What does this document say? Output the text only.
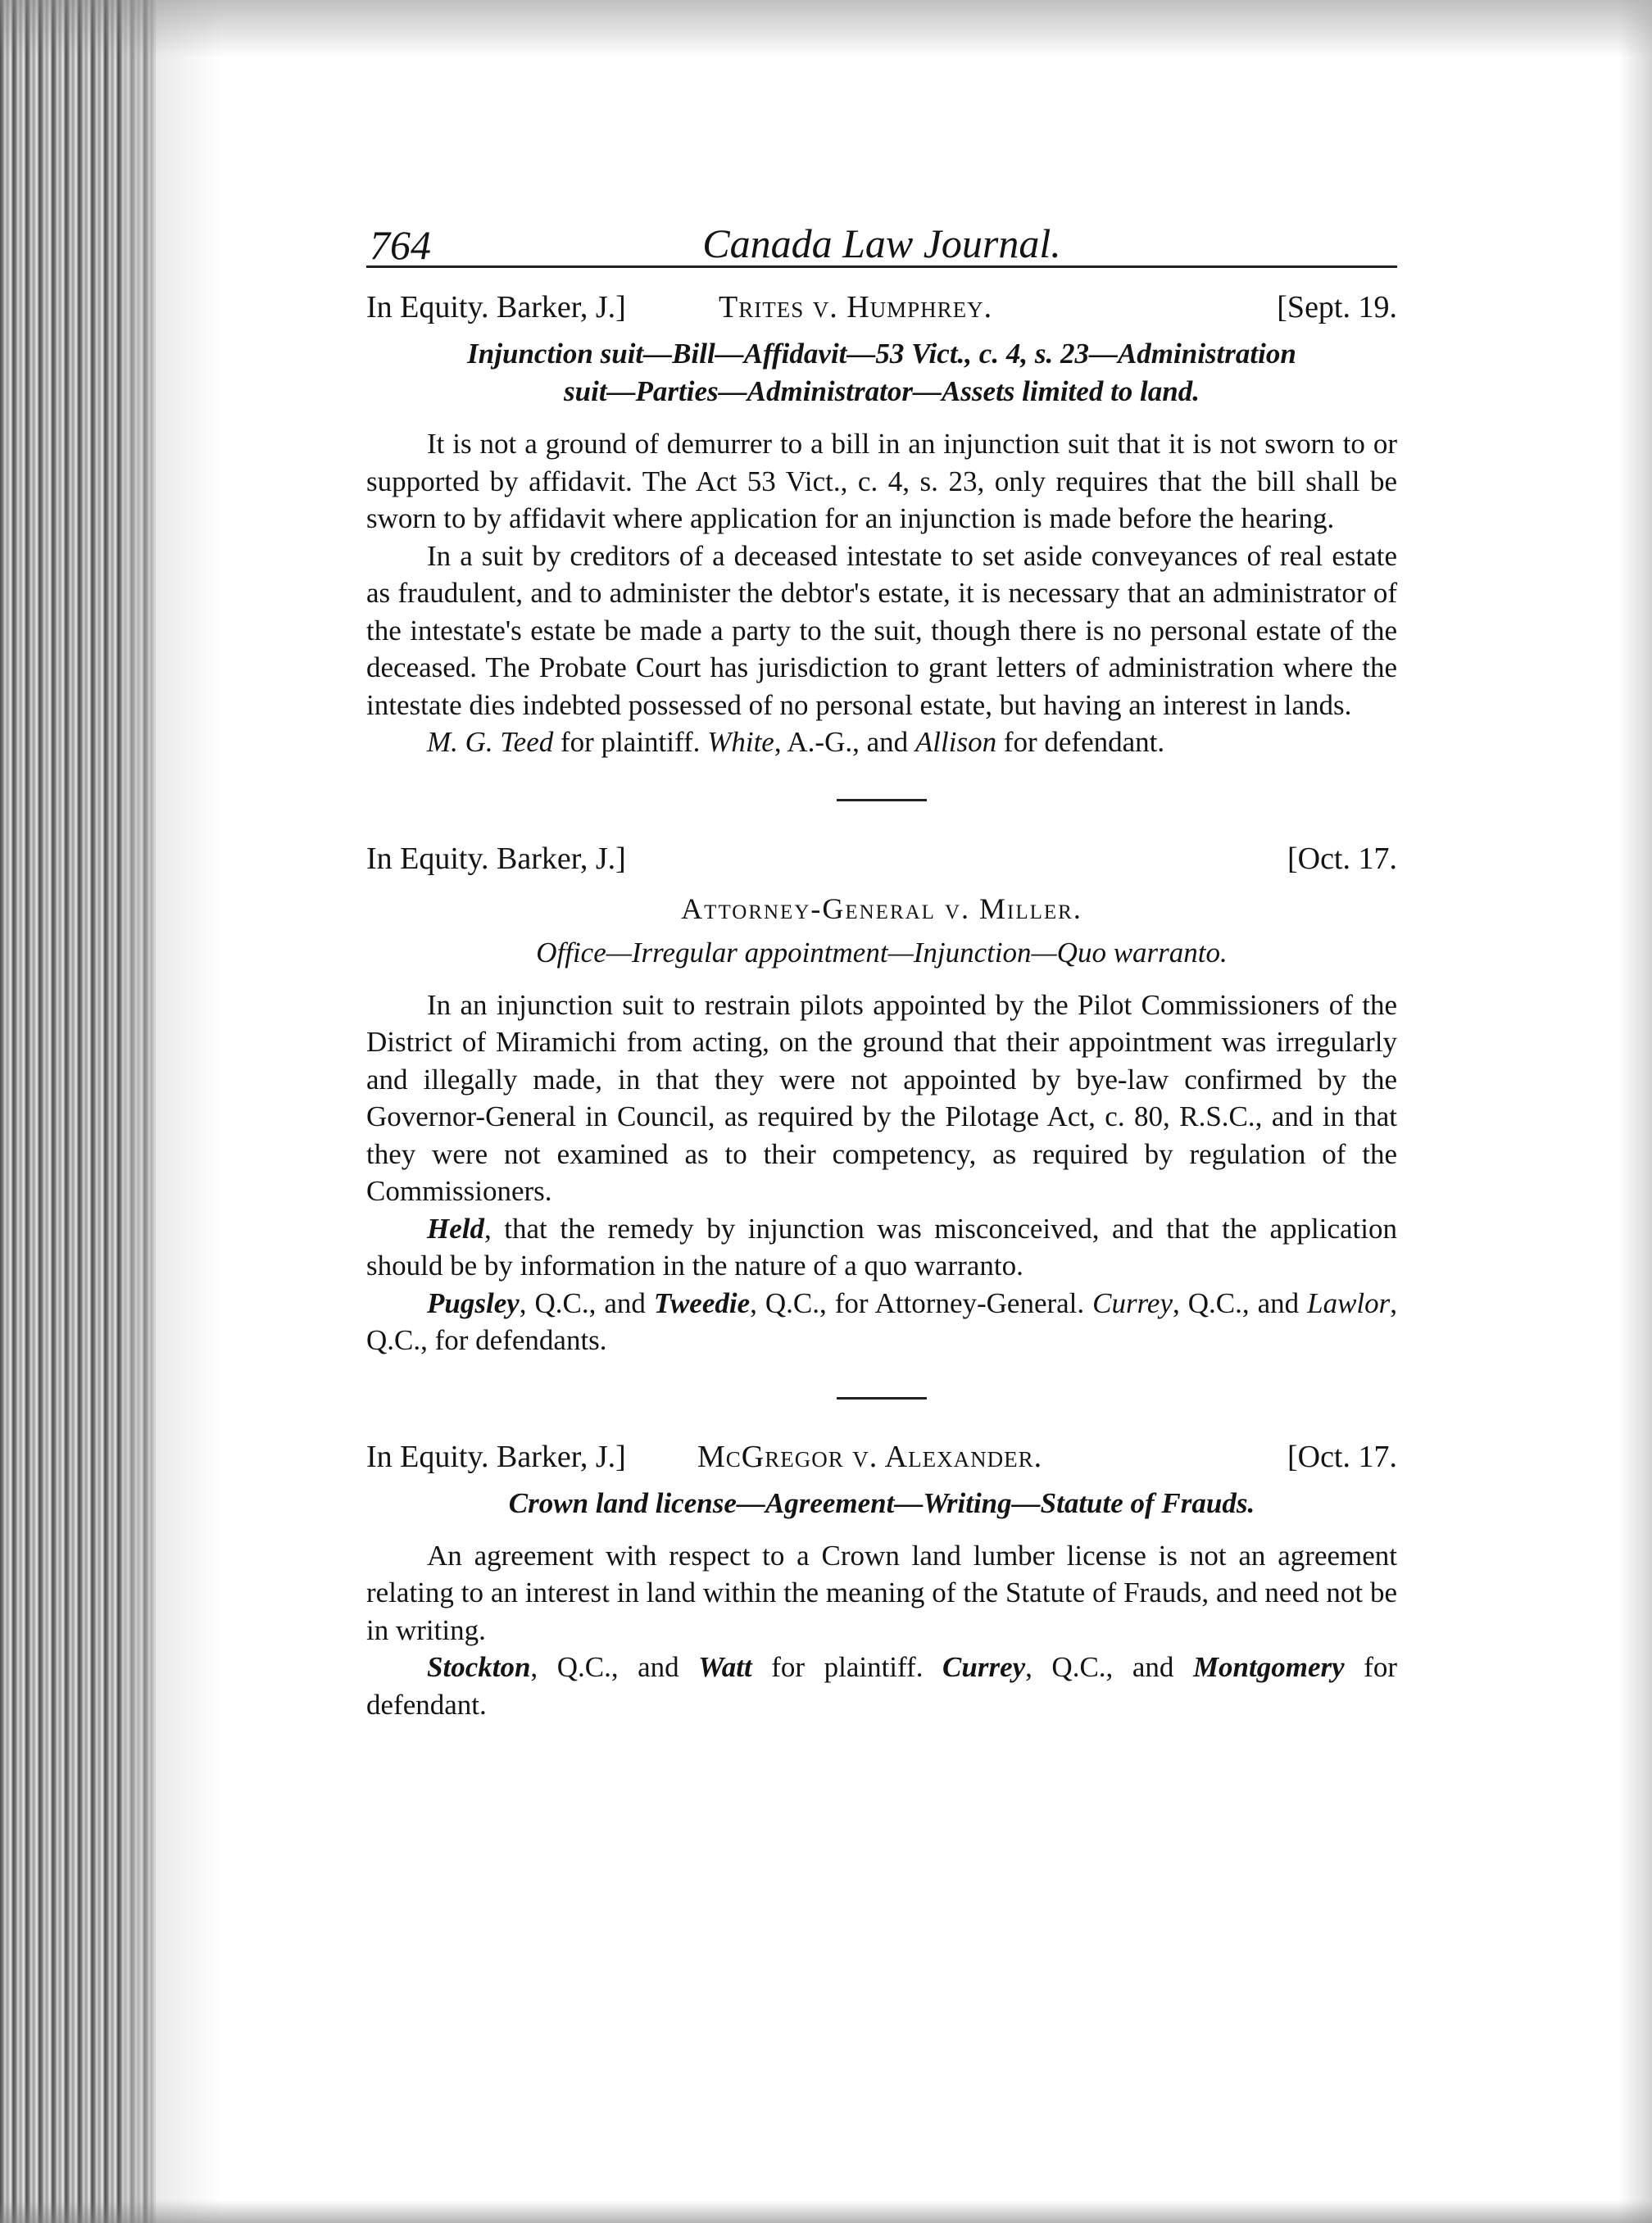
764	Canada Law Journal.
In Equity. Barker, J.]	Trites v. Humphrey.	[Sept. 19.
Injunction suit—Bill—Affidavit—53 Vict., c. 4, s. 23—Administration
suit—Parties—Administrator—Assets limited to land.

It is not a ground of demurrer to a bill in an injunction suit that it is not sworn to or supported by affidavit. The Act 53 Vict., c. 4, s. 23, only requires that the bill shall be sworn to by affidavit where application for an injunction is made before the hearing.

In a suit by creditors of a deceased intestate to set aside conveyances of real estate as fraudulent, and to administer the debtor's estate, it is necessary that an administrator of the intestate's estate be made a party to the suit, though there is no personal estate of the deceased. The Probate Court has jurisdiction to grant letters of administration where the intestate dies indebted possessed of no personal estate, but having an interest in lands.

M. G. Teed for plaintiff. White, A.-G., and Allison for defendant.

In Equity. Barker, J.]	[Oct. 17.
Attorney-General v. Miller.
Office—Irregular appointment—Injunction—Quo warranto.

In an injunction suit to restrain pilots appointed by the Pilot Commissioners of the District of Miramichi from acting, on the ground that their appointment was irregularly and illegally made, in that they were not appointed by bye-law confirmed by the Governor-General in Council, as required by the Pilotage Act, c. 80, R.S.C., and in that they were not examined as to their competency, as required by regulation of the Commissioners.

Held, that the remedy by injunction was misconceived, and that the application should be by information in the nature of a quo warranto.

Pugsley, Q.C., and Tweedie, Q.C., for Attorney-General. Currey, Q.C., and Lawlor, Q.C., for defendants.

In Equity. Barker, J.] McGregor v. Alexander.	[Oct. 17.
Crown land license—Agreement—Writing—Statute of Frauds.

An agreement with respect to a Crown land lumber license is not an agreement relating to an interest in land within the meaning of the Statute of Frauds, and need not be in writing.

Stockton, Q.C., and Watt for plaintiff. Currey, Q.C., and Montgomery for defendant.
